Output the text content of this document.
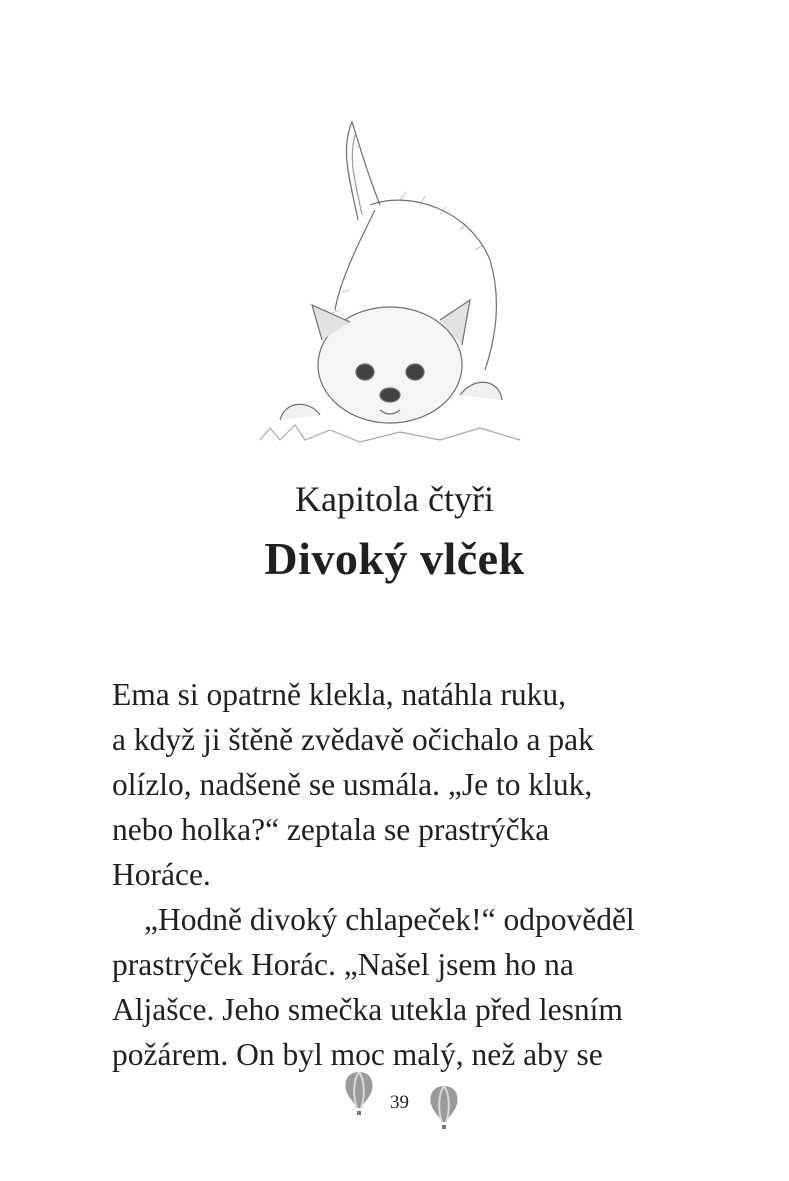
Kapitola čtyři
Divoký vlček
Ema si opatrně klekla, natáhla ruku,
a když ji štěně zvědavě očichalo a pak
olízlo, nadšeně se usmála. „Je to kluk,
nebo holka?“ zeptala se prastrýčka
Horáce.
„Hodně divoký chlapeček!“ odpověděl
prastrýček Horác. „Našel jsem ho na
Aljašce. Jeho smečka utekla před lesním
požárem. On byl moc malý, než aby se
39
